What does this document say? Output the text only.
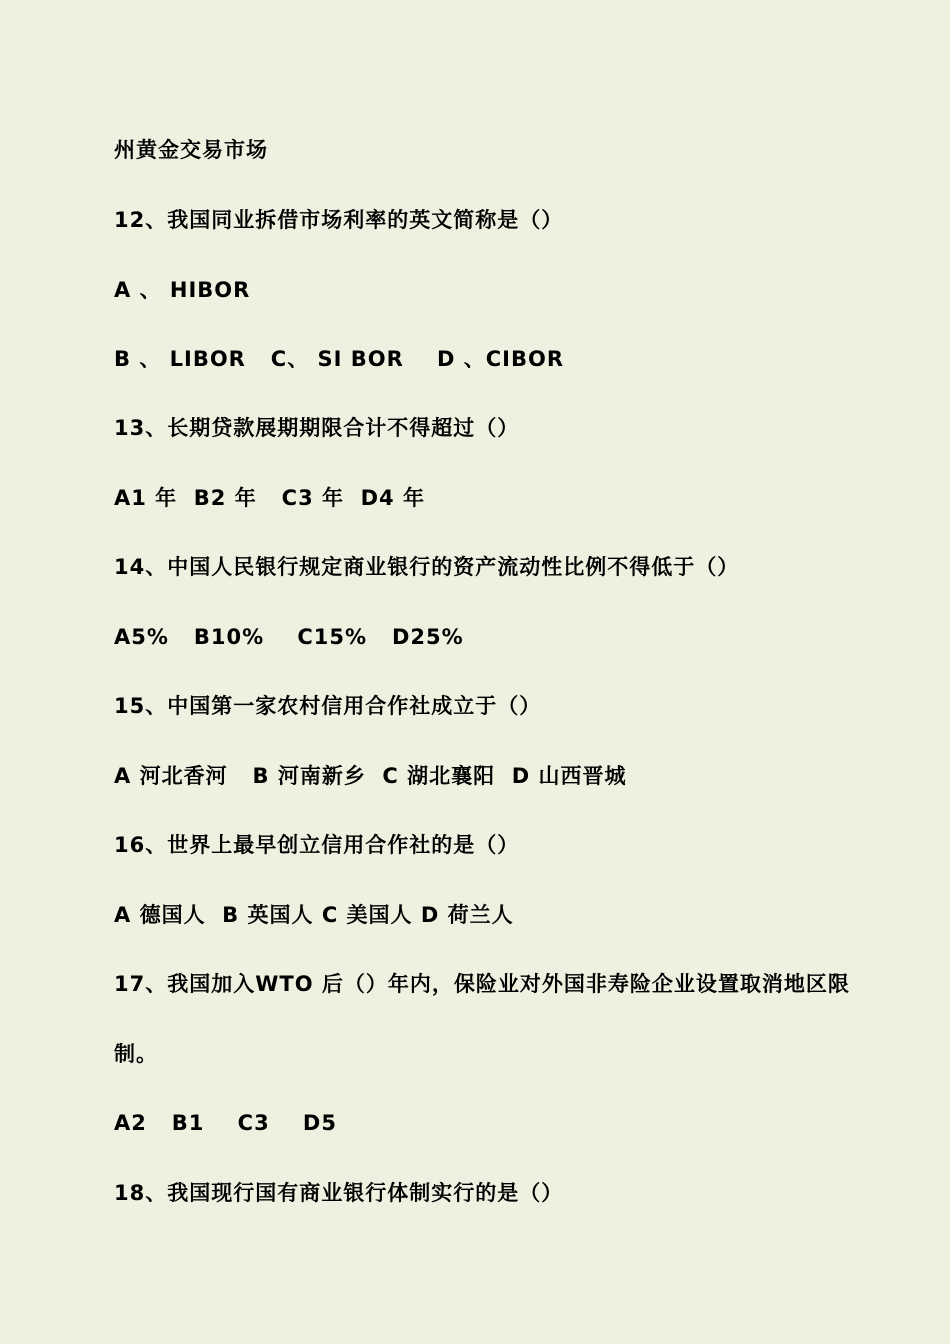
州黄金交易市场
12、我国同业拆借市场利率的英文简称是（）
A 、 HIBOR
B 、 LIBOR   C、 SI BOR    D 、CIBOR
13、长期贷款展期期限合计不得超过（）
A1 年  B2 年   C3 年  D4 年
14、中国人民银行规定商业银行的资产流动性比例不得低于（）
A5%   B10%    C15%   D25%
15、中国第一家农村信用合作社成立于（）
A 河北香河   B 河南新乡  C 湖北襄阳  D 山西晋城
16、世界上最早创立信用合作社的是（）
A 德国人  B 英国人 C 美国人 D 荷兰人
17、我国加入WTO 后（）年内，保险业对外国非寿险企业设置取消地区限
制。
A2   B1    C3    D5
18、我国现行国有商业银行体制实行的是（）
